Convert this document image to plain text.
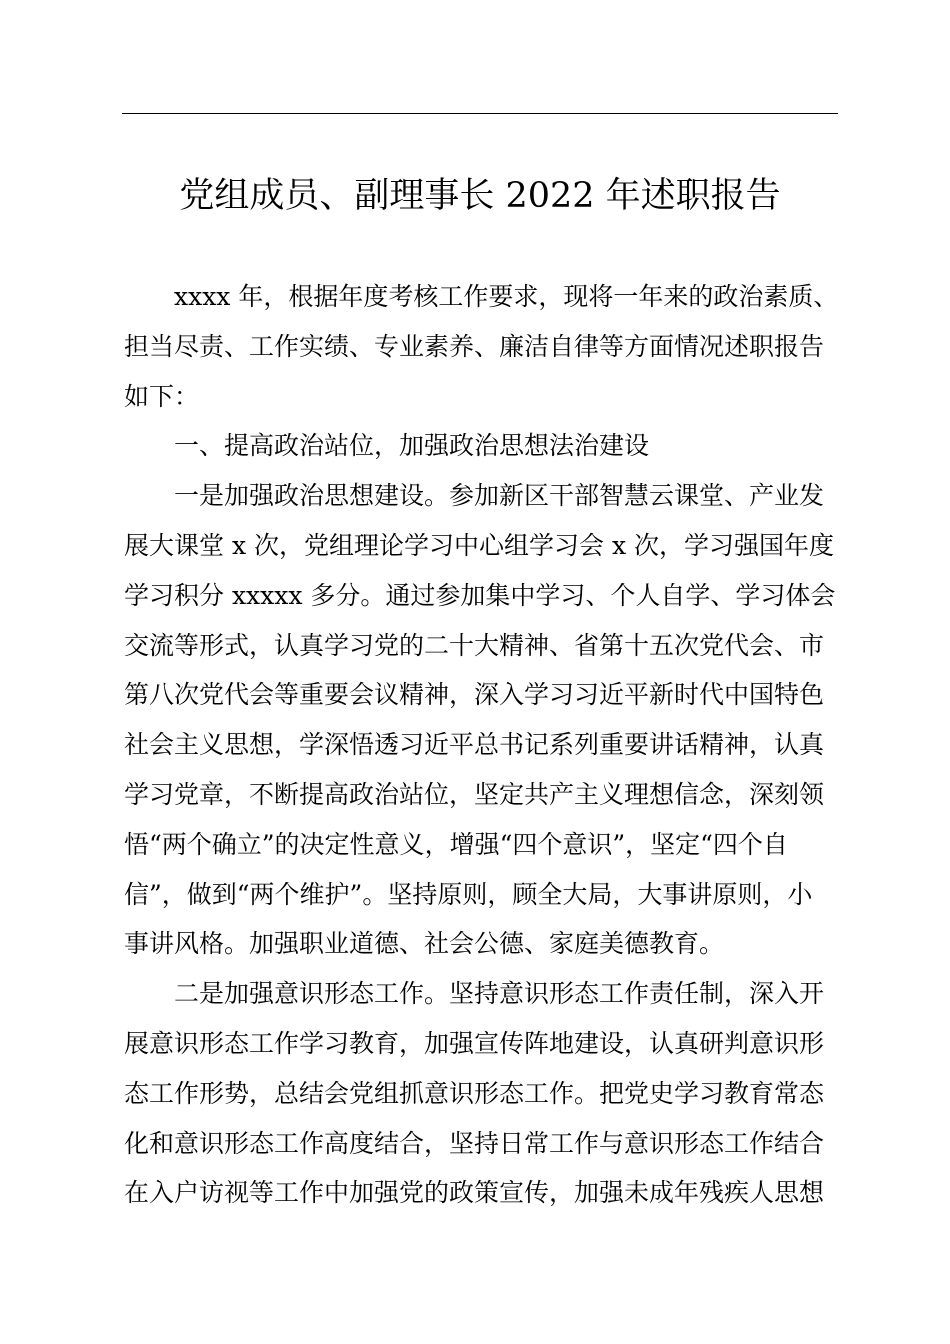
党组成员、副理事长 2022 年述职报告
xxxx 年，根据年度考核工作要求，现将一年来的政治素质、
担当尽责、工作实绩、专业素养、廉洁自律等方面情况述职报告
如下：
一、提高政治站位，加强政治思想法治建设
一是加强政治思想建设。参加新区干部智慧云课堂、产业发
展大课堂 x 次，党组理论学习中心组学习会 x 次，学习强国年度
学习积分 xxxxx 多分。通过参加集中学习、个人自学、学习体会
交流等形式，认真学习党的二十大精神、省第十五次党代会、市
第八次党代会等重要会议精神，深入学习习近平新时代中国特色
社会主义思想，学深悟透习近平总书记系列重要讲话精神，认真
学习党章，不断提高政治站位，坚定共产主义理想信念，深刻领
悟“两个确立”的决定性意义，增强“四个意识”，坚定“四个自
信”，做到“两个维护”。坚持原则，顾全大局，大事讲原则，小
事讲风格。加强职业道德、社会公德、家庭美德教育。
二是加强意识形态工作。坚持意识形态工作责任制，深入开
展意识形态工作学习教育，加强宣传阵地建设，认真研判意识形
态工作形势，总结会党组抓意识形态工作。把党史学习教育常态
化和意识形态工作高度结合，坚持日常工作与意识形态工作结合
在入户访视等工作中加强党的政策宣传，加强未成年残疾人思想
